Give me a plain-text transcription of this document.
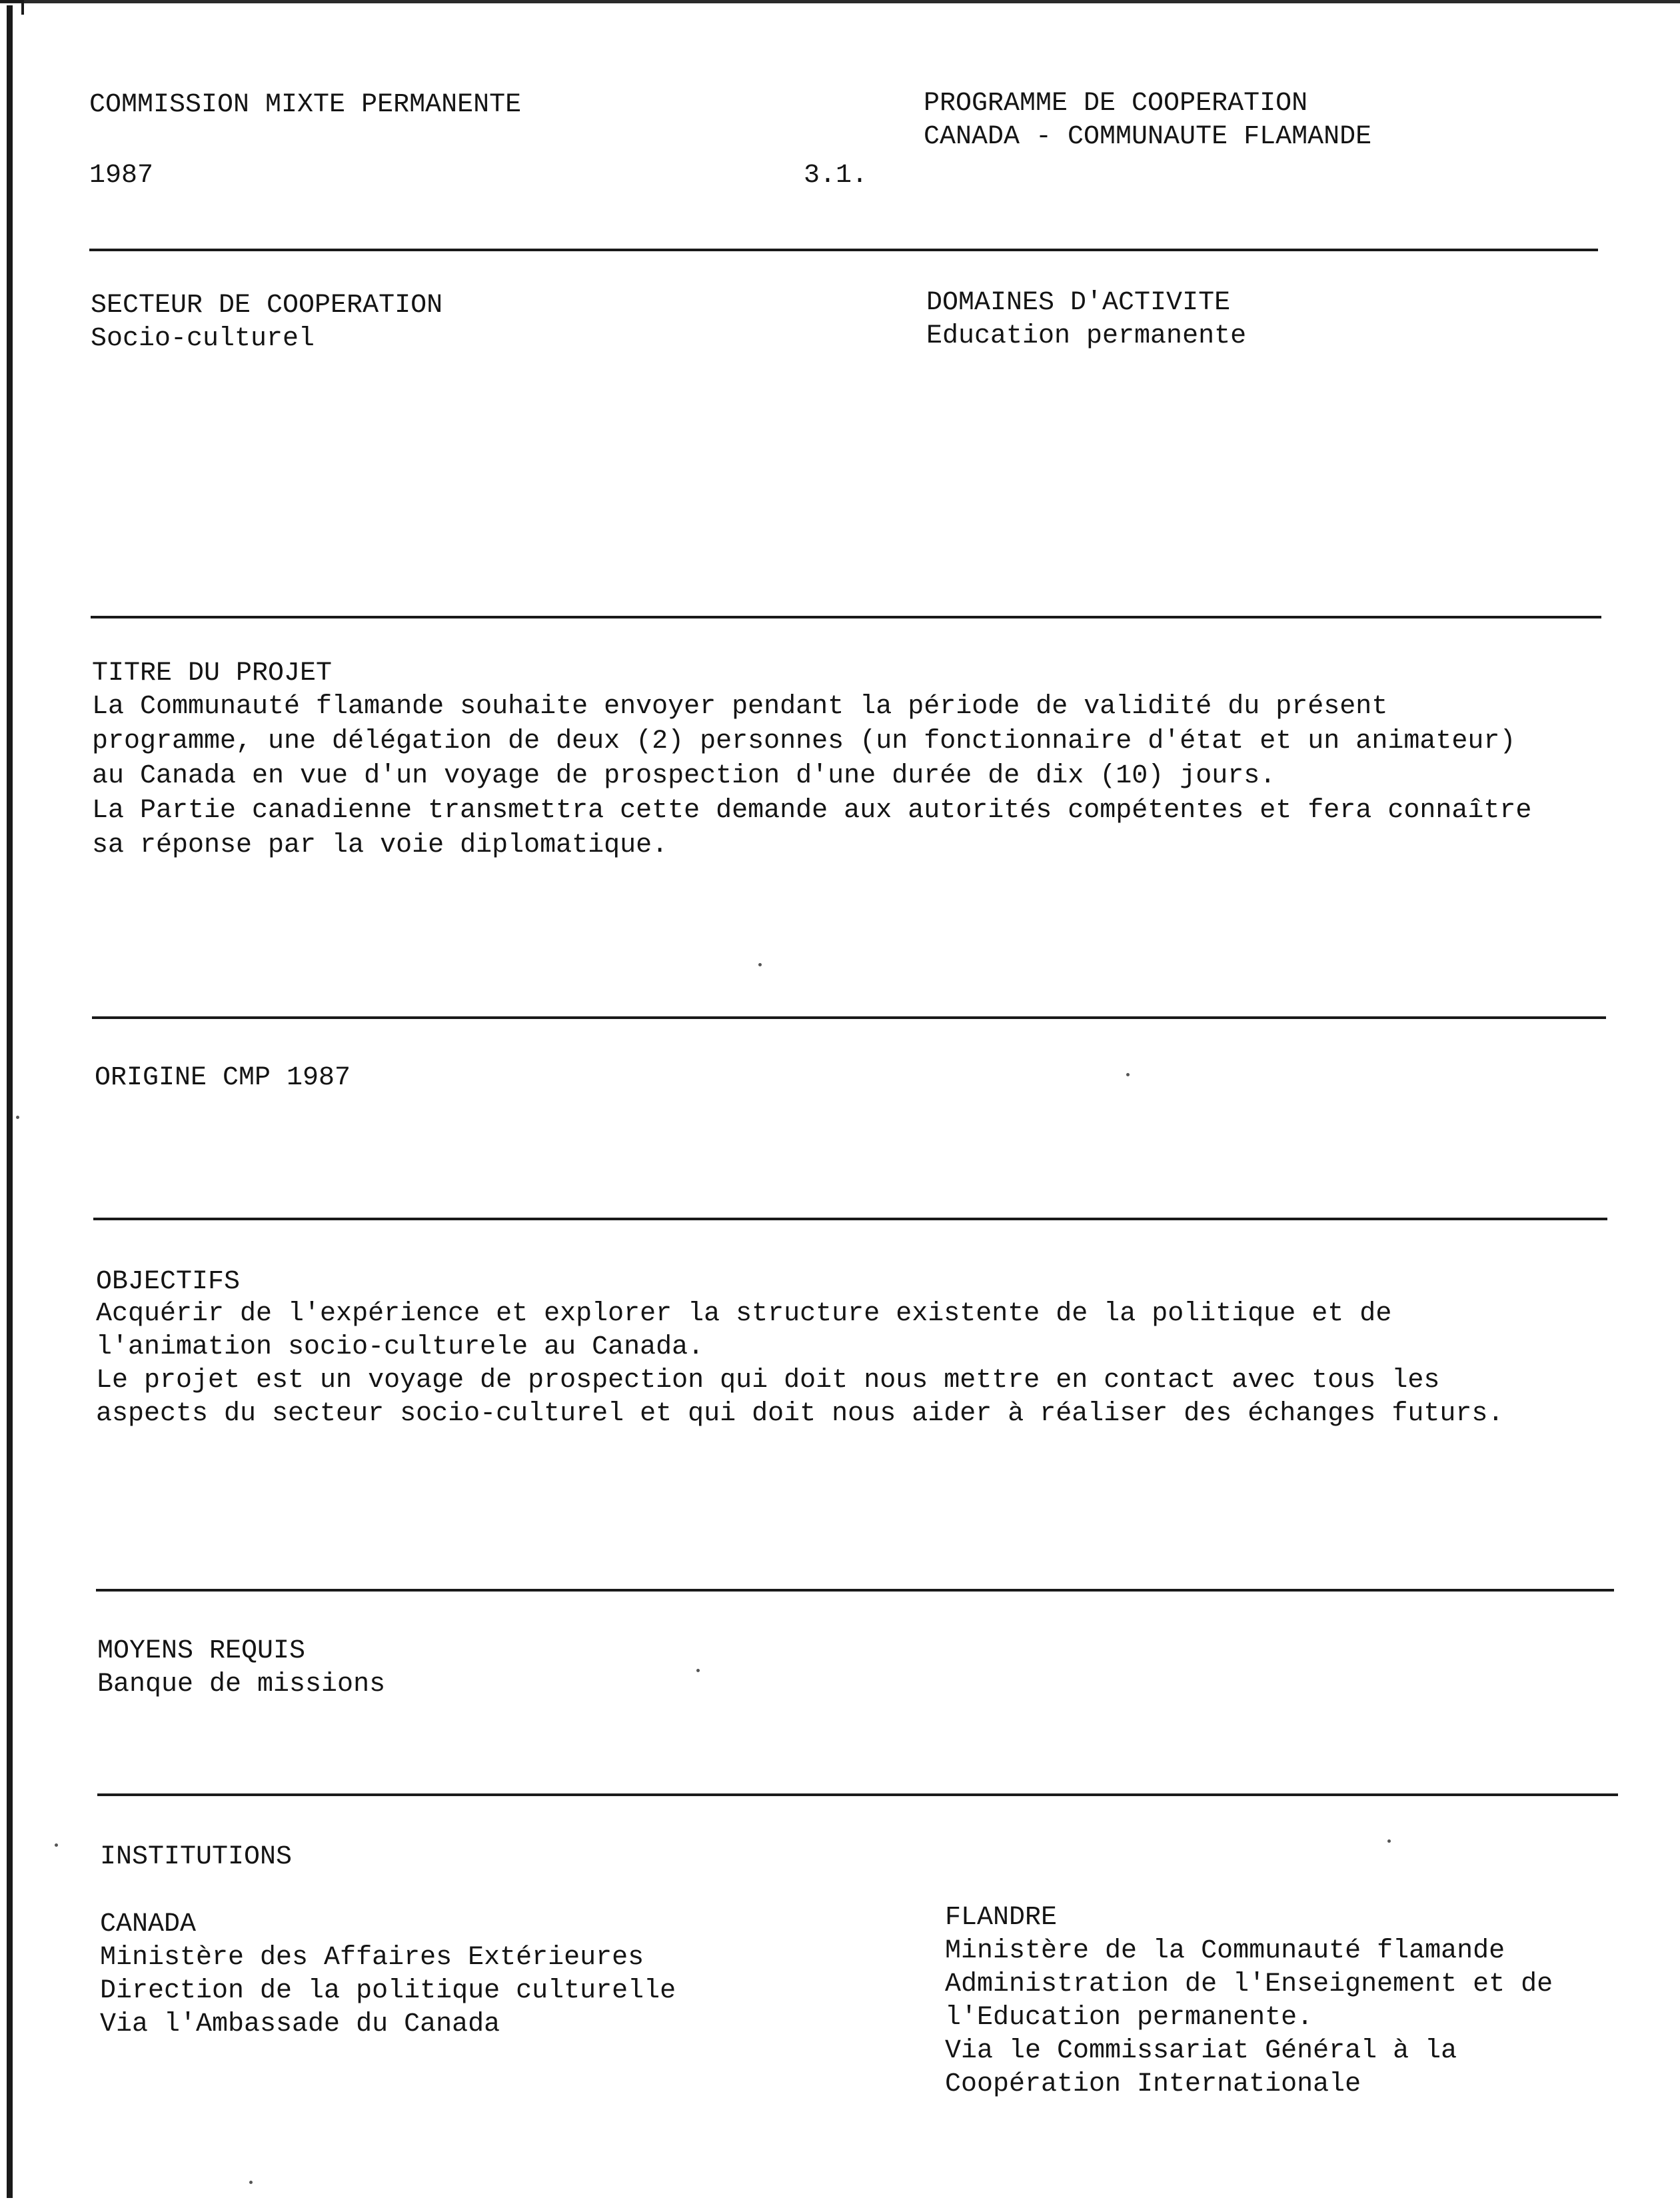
COMMISSION MIXTE PERMANENTE
1987	3.1.
PROGRAMME DE COOPERATION
CANADA - COMMUNAUTE FLAMANDE
SECTEUR DE COOPERATION
Socio-culturel
DOMAINES D'ACTIVITE
Education permanente
TITRE DU PROJET
La Communauté flamande souhaite envoyer pendant la période de validité du présent
programme, une délégation de deux (2) personnes (un fonctionnaire d'état et un animateur)
au Canada en vue d'un voyage de prospection d'une durée de dix (10) jours.
La Partie canadienne transmettra cette demande aux autorités compétentes et fera connaître
sa réponse par la voie diplomatique.
ORIGINE CMP 1987
OBJECTIFS
Acquérir de l'expérience et explorer la structure existente de la politique et de
l'animation socio-culturele au Canada.
Le projet est un voyage de prospection qui doit nous mettre en contact avec tous les
aspects du secteur socio-culturel et qui doit nous aider à réaliser des échanges futurs.
MOYENS REQUIS
Banque de missions
INSTITUTIONS
CANADA
Ministère des Affaires Extérieures
Direction de la politique culturelle
Via l'Ambassade du Canada
FLANDRE
Ministère de la Communauté flamande
Administration de l'Enseignement et de
l'Education permanente.
Via le Commissariat Général à la
Coopération Internationale
